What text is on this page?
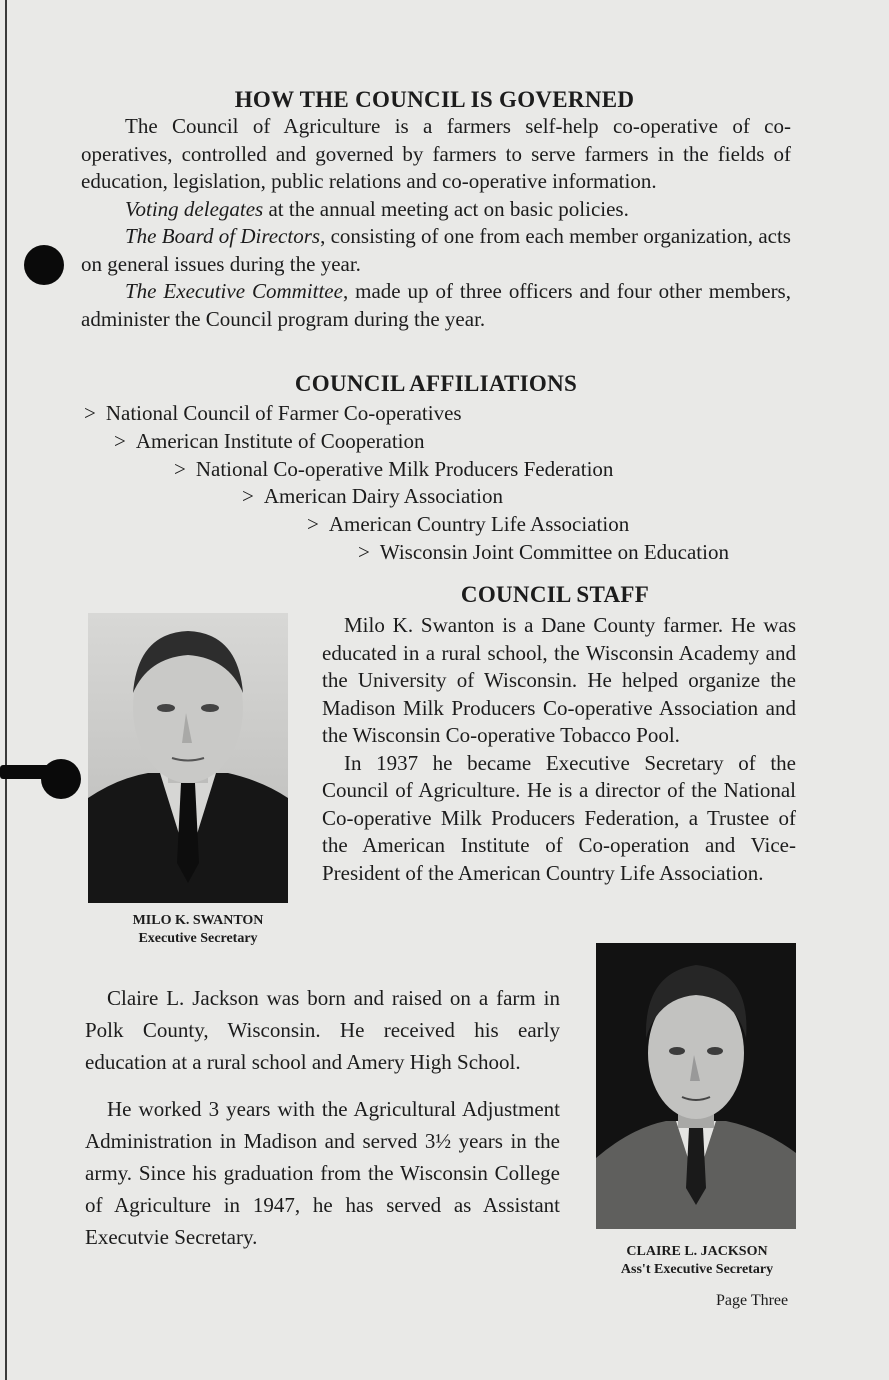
HOW THE COUNCIL IS GOVERNED

The Council of Agriculture is a farmers self-help co-operative of co-operatives, controlled and governed by farmers to serve farmers in the fields of education, legislation, public relations and co-operative information.

Voting delegates at the annual meeting act on basic policies.

The Board of Directors, consisting of one from each member organization, acts on general issues during the year.

The Executive Committee, made up of three officers and four other members, administer the Council program during the year.

COUNCIL AFFILIATIONS
> National Council of Farmer Co-operatives
> American Institute of Cooperation
> National Co-operative Milk Producers Federation
> American Dairy Association
> American Country Life Association
> Wisconsin Joint Committee on Education
COUNCIL STAFF
MILO K. SWANTON
Executive Secretary

Milo K. Swanton is a Dane County farmer. He was educated in a rural school, the Wisconsin Academy and the University of Wisconsin. He helped organize the Madison Milk Producers Co-operative Association and the Wisconsin Co-operative Tobacco Pool.

In 1937 he became Executive Secretary of the Council of Agriculture. He is a director of the National Co-operative Milk Producers Federation, a Trustee of the American Institute of Co-operation and Vice-President of the American Country Life Association.

Claire L. Jackson was born and raised on a farm in Polk County, Wisconsin. He received his early education at a rural school and Amery High School.

He worked 3 years with the Agricultural Adjustment Administration in Madison and served 3½ years in the army. Since his graduation from the Wisconsin College of Agriculture in 1947, he has served as Assistant Executvie Secretary.

CLAIRE L. JACKSON
Ass't Executive Secretary
Page Three
